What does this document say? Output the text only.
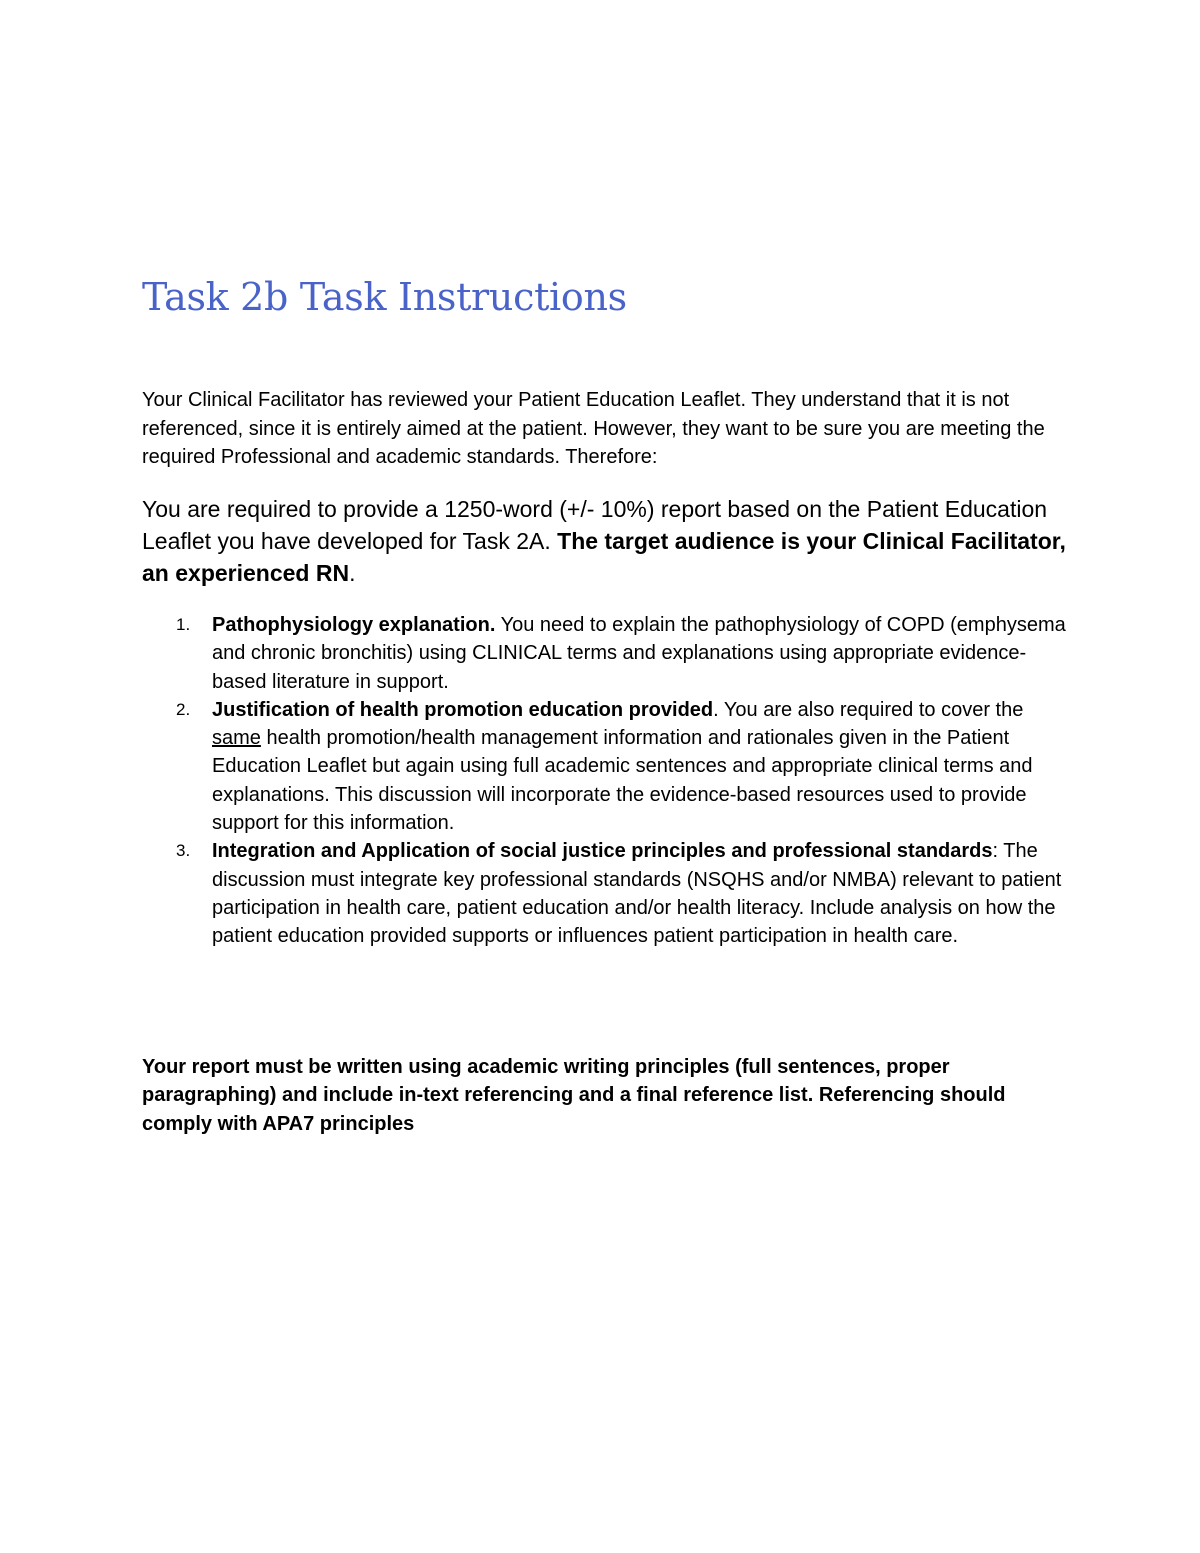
Task 2b Task Instructions

Your Clinical Facilitator has reviewed your Patient Education Leaflet. They understand that it is not referenced, since it is entirely aimed at the patient. However, they want to be sure you are meeting the required Professional and academic standards. Therefore:

You are required to provide a 1250-word (+/- 10%) report based on the Patient Education Leaflet you have developed for Task 2A. The target audience is your Clinical Facilitator, an experienced RN.

1. Pathophysiology explanation. You need to explain the pathophysiology of COPD (emphysema and chronic bronchitis) using CLINICAL terms and explanations using appropriate evidence-based literature in support.
2. Justification of health promotion education provided. You are also required to cover the same health promotion/health management information and rationales given in the Patient Education Leaflet but again using full academic sentences and appropriate clinical terms and explanations. This discussion will incorporate the evidence-based resources used to provide support for this information.
3. Integration and Application of social justice principles and professional standards: The discussion must integrate key professional standards (NSQHS and/or NMBA) relevant to patient participation in health care, patient education and/or health literacy. Include analysis on how the patient education provided supports or influences patient participation in health care.

Your report must be written using academic writing principles (full sentences, proper paragraphing) and include in-text referencing and a final reference list. Referencing should comply with APA7 principles
